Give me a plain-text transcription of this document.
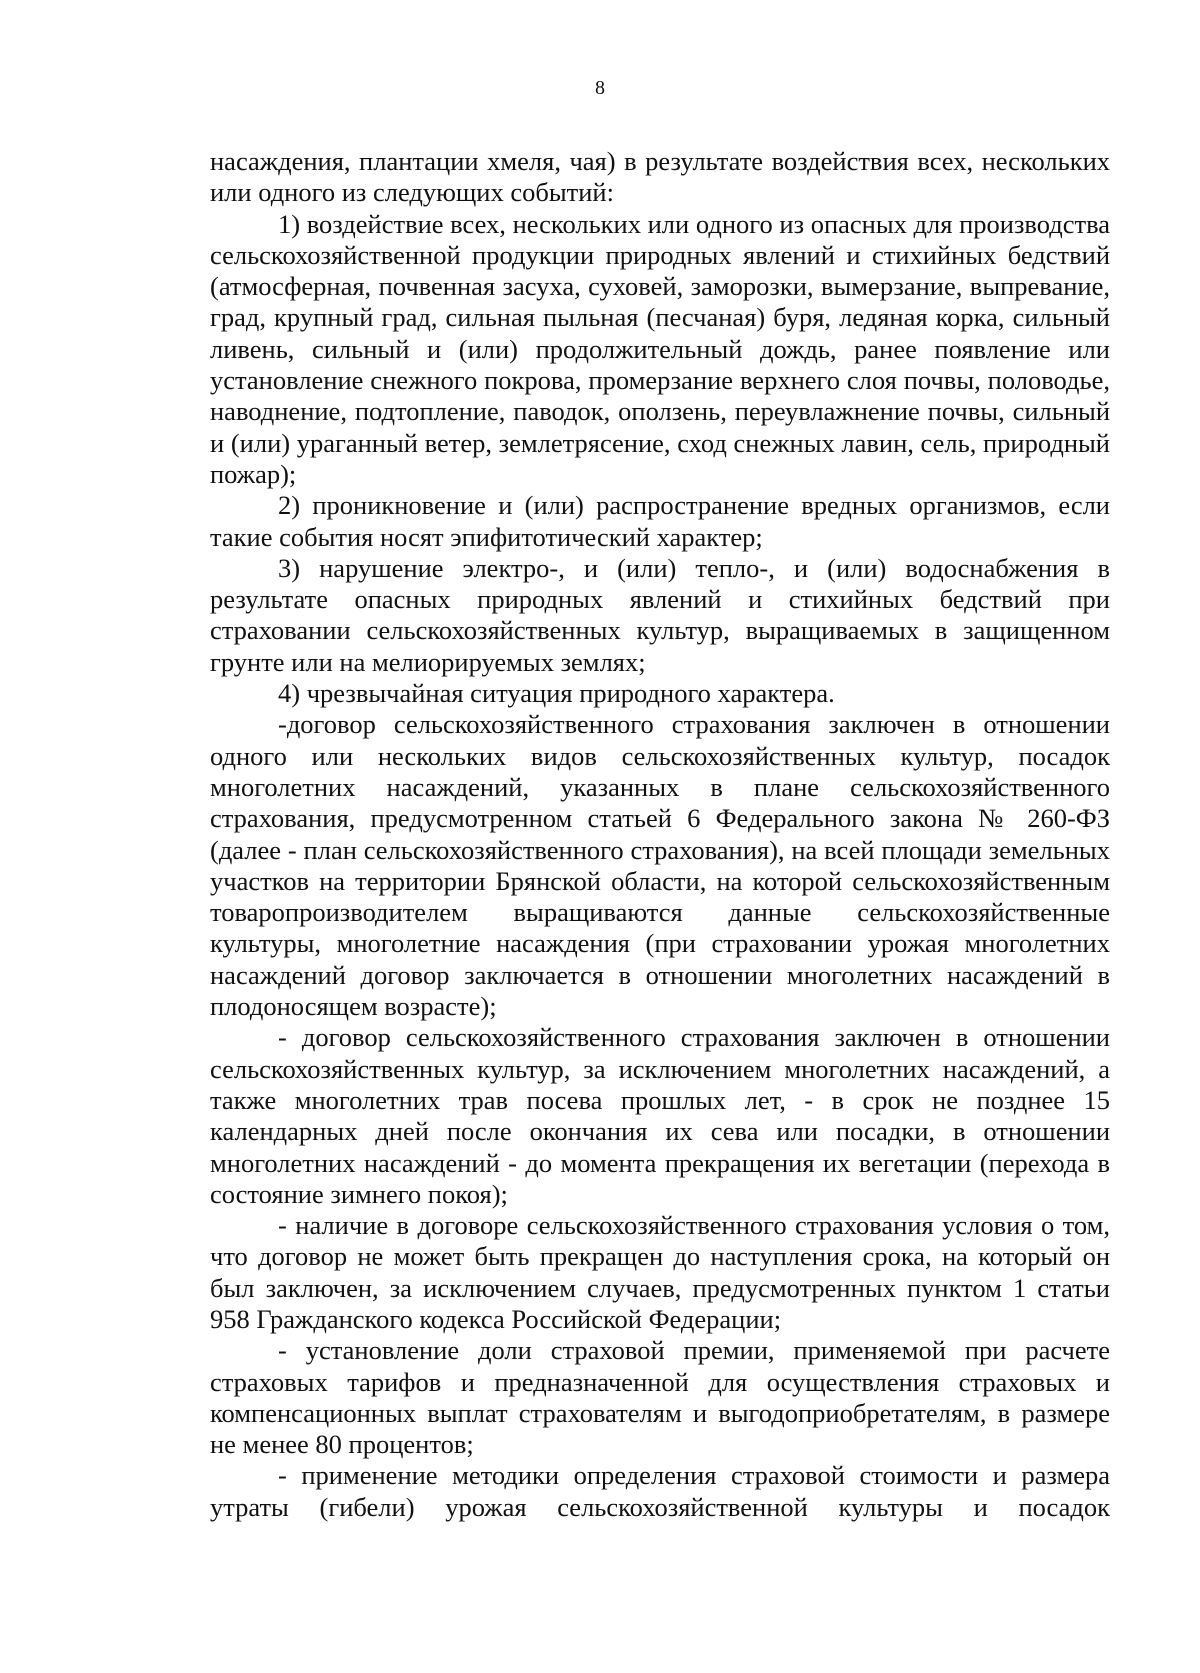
8

насаждения, плантации хмеля, чая) в результате воздействия всех, нескольких или одного из следующих событий:

1) воздействие всех, нескольких или одного из опасных для производства сельскохозяйственной продукции природных явлений и стихийных бедствий (атмосферная, почвенная засуха, суховей, заморозки, вымерзание, выпревание, град, крупный град, сильная пыльная (песчаная) буря, ледяная корка, сильный ливень, сильный и (или) продолжительный дождь, ранее появление или установление снежного покрова, промерзание верхнего слоя почвы, половодье, наводнение, подтопление, паводок, оползень, переувлажнение почвы, сильный и (или) ураганный ветер, землетрясение, сход снежных лавин, сель, природный пожар);

2) проникновение и (или) распространение вредных организмов, если такие события носят эпифитотический характер;

3) нарушение электро-, и (или) тепло-, и (или) водоснабжения в результате опасных природных явлений и стихийных бедствий при страховании сельскохозяйственных культур, выращиваемых в защищенном грунте или на мелиорируемых землях;

4) чрезвычайная ситуация природного характера.

-договор сельскохозяйственного страхования заключен в отношении одного или нескольких видов сельскохозяйственных культур, посадок многолетних насаждений, указанных в плане сельскохозяйственного страхования, предусмотренном статьей 6 Федерального закона № 260-ФЗ (далее - план сельскохозяйственного страхования), на всей площади земельных участков на территории Брянской области, на которой сельскохозяйственным товаропроизводителем выращиваются данные сельскохозяйственные культуры, многолетние насаждения (при страховании урожая многолетних насаждений договор заключается в отношении многолетних насаждений в плодоносящем возрасте);

- договор сельскохозяйственного страхования заключен в отношении сельскохозяйственных культур, за исключением многолетних насаждений, а также многолетних трав посева прошлых лет, - в срок не позднее 15 календарных дней после окончания их сева или посадки, в отношении многолетних насаждений - до момента прекращения их вегетации (перехода в состояние зимнего покоя);

- наличие в договоре сельскохозяйственного страхования условия о том, что договор не может быть прекращен до наступления срока, на который он был заключен, за исключением случаев, предусмотренных пунктом 1 статьи 958 Гражданского кодекса Российской Федерации;

- установление доли страховой премии, применяемой при расчете страховых тарифов и предназначенной для осуществления страховых и компенсационных выплат страхователям и выгодоприобретателям, в размере не менее 80 процентов;

- применение методики определения страховой стоимости и размера утраты (гибели) урожая сельскохозяйственной культуры и посадок
